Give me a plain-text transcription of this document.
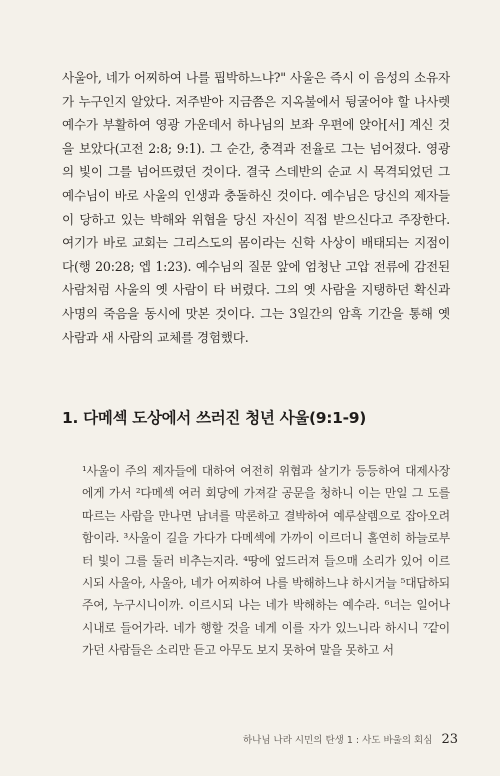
사울아, 네가 어찌하여 나를 핍박하느냐?" 사울은 즉시 이 음성의 소유자가 누구인지 알았다. 저주받아 지금쯤은 지옥불에서 뒹굴어야 할 나사렛 예수가 부활하여 영광 가운데서 하나님의 보좌 우편에 앉아[서] 계신 것을 보았다(고전 2:8; 9:1). 그 순간, 충격과 전율로 그는 넘어졌다. 영광의 빛이 그를 넘어뜨렸던 것이다. 결국 스데반의 순교 시 목격되었던 그 예수님이 바로 사울의 인생과 충돌하신 것이다. 예수님은 당신의 제자들이 당하고 있는 박해와 위협을 당신 자신이 직접 받으신다고 주장한다. 여기가 바로 교회는 그리스도의 몸이라는 신학 사상이 배태되는 지점이다(행 20:28; 엡 1:23). 예수님의 질문 앞에 엄청난 고압 전류에 감전된 사람처럼 사울의 옛 사람이 타 버렸다. 그의 옛 사람을 지탱하던 확신과 사명의 죽음을 동시에 맛본 것이다. 그는 3일간의 암흑 기간을 통해 옛 사람과 새 사람의 교체를 경험했다.

1. 다메섹 도상에서 쓰러진 청년 사울(9:1-9)

¹사울이 주의 제자들에 대하여 여전히 위협과 살기가 등등하여 대제사장에게 가서 ²다메섹 여러 회당에 가져갈 공문을 청하니 이는 만일 그 도를 따르는 사람을 만나면 남녀를 막론하고 결박하여 예루살렘으로 잡아오려 함이라. ³사울이 길을 가다가 다메섹에 가까이 이르더니 홀연히 하늘로부터 빛이 그를 둘러 비추는지라. ⁴땅에 엎드러져 들으매 소리가 있어 이르시되 사울아, 사울아, 네가 어찌하여 나를 박해하느냐 하시거늘 ⁵대답하되 주여, 누구시니이까. 이르시되 나는 네가 박해하는 예수라. ⁶너는 일어나 시내로 들어가라. 네가 행할 것을 네게 이를 자가 있느니라 하시니 ⁷같이 가던 사람들은 소리만 듣고 아무도 보지 못하여 말을 못하고 서

하나님 나라 시민의 탄생 1 : 사도 바울의 회심 23
